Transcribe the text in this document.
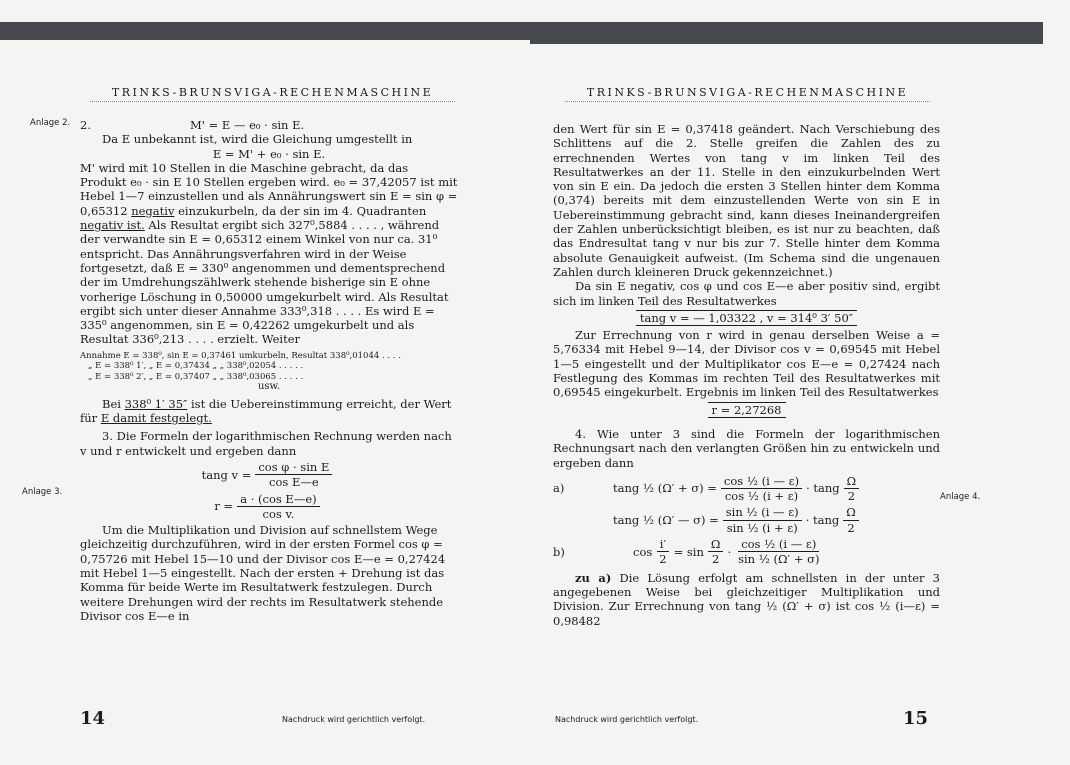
TRINKS-BRUNSVIGA-RECHENMASCHINE
Anlage 2.
Anlage 3.
2.	M' = E — e₀ · sin E.

Da E unbekannt ist, wird die Gleichung umgestellt in

E = M' + e₀ · sin E.

M' wird mit 10 Stellen in die Maschine gebracht, da das Produkt e₀ · sin E 10 Stellen ergeben wird. e₀ = 37,42057 ist mit Hebel 1—7 einzustellen und als Annährungswert sin E = sin φ = 0,65312 negativ einzukurbeln, da der sin im 4. Quadranten negativ ist. Als Resultat ergibt sich 327⁰,5884 . . . . , während der verwandte sin E = 0,65312 einem Winkel von nur ca. 31⁰ entspricht. Das Annährungsverfahren wird in der Weise fortgesetzt, daß E = 330⁰ angenommen und dementsprechend der im Umdrehungszählwerk stehende bisherige sin E ohne vorherige Löschung in 0,50000 umgekurbelt wird. Als Resultat ergibt sich unter dieser Annahme 333⁰,318 . . . . Es wird E = 335⁰ angenommen, sin E = 0,42262 umgekurbelt und als Resultat 336⁰,213 . . . . erzielt. Weiter

Annahme E = 338⁰, sin E = 0,37461 umkurbeln, Resultat 338⁰,01044 . . . .
„ E = 338⁰ 1′, „ E = 0,37434 „ „ 338⁰,02054 . . . . .
„ E = 338⁰ 2′, „ E = 0,37407 „ „ 338⁰,03065 . . . . .
usw.

Bei 338⁰ 1′ 35″ ist die Uebereinstimmung erreicht, der Wert für E damit festgelegt.

3. Die Formeln der logarithmischen Rechnung werden nach v und r entwickelt und ergeben dann

tang $v = \frac{\text{cos φ · sin E}}{\text{cos E—e}}$
$r = \frac{\text{a · (cos E—e)}}{\text{cos v.}}$

Um die Multiplikation und Division auf schnellstem Wege gleichzeitig durchzuführen, wird in der ersten Formel cos φ = 0,75726 mit Hebel 15—10 und der Divisor cos E—e = 0,27424 mit Hebel 1—5 eingestellt. Nach der ersten + Drehung ist das Komma für beide Werte im Resultatwerk festzulegen. Durch weitere Drehungen wird der rechts im Resultatwerk stehende Divisor cos E—e in

14	Nachdruck wird gerichtlich verfolgt.
TRINKS-BRUNSVIGA-RECHENMASCHINE
Anlage 4.

den Wert für sin E = 0,37418 geändert. Nach Verschiebung des Schlittens auf die 2. Stelle greifen die Zahlen des zu errechnenden Wertes von tang v im linken Teil des Resultatwerkes an der 11. Stelle in den einzukurbelnden Wert von sin E ein. Da jedoch die ersten 3 Stellen hinter dem Komma (0,374) bereits mit dem einzustellenden Werte von sin E in Uebereinstimmung gebracht sind, kann dieses Ineinandergreifen der Zahlen unberücksichtigt bleiben, es ist nur zu beachten, daß das Endresultat tang v nur bis zur 7. Stelle hinter dem Komma absolute Genauigkeit aufweist. (Im Schema sind die ungenauen Zahlen durch kleineren Druck gekennzeichnet.)

Da sin E negativ, cos φ und cos E—e aber positiv sind, ergibt sich im linken Teil des Resultatwerkes

tang v = — 1,03322 , v = 314⁰ 3′ 50″

Zur Errechnung von r wird in genau derselben Weise a = 5,76334 mit Hebel 9—14, der Divisor cos v = 0,69545 mit Hebel 1—5 eingestellt und der Multiplikator cos E—e = 0,27424 nach Festlegung des Kommas im rechten Teil des Resultatwerkes mit 0,69545 eingekurbelt. Ergebnis im linken Teil des Resultatwerkes

r = 2,27268

4. Wie unter 3 sind die Formeln der logarithmischen Rechnungsart nach den verlangten Größen hin zu entwickeln und ergeben dann

a)	tang ½ $(\Omega' + \sigma) = \frac{\text{cos ½ (i — ε)}}{\text{cos ½ (i + ε)}} \cdot \tan g \frac{\Omega}{2}$
tang ½ (Ω′ — $\sigma) = \frac{\text{sin ½ (i — ε)}}{\text{sin ½ (i + ε)}} \cdot \tan g \frac{\Omega}{2}$
b)	$\cos \frac{i'}{2} = \sin \frac{\Omega}{2} \cdot \frac{\text{cos ½ (i — ε)}}{\text{sin ½ (Ω′ + σ)}}$

zu a) Die Lösung erfolgt am schnellsten in der unter 3 angegebenen Weise bei gleichzeitiger Multiplikation und Division. Zur Errechnung von tang ½ (Ω′ + σ) ist cos ½ (i—ε) = 0,98482

Nachdruck wird gerichtlich verfolgt.	15
